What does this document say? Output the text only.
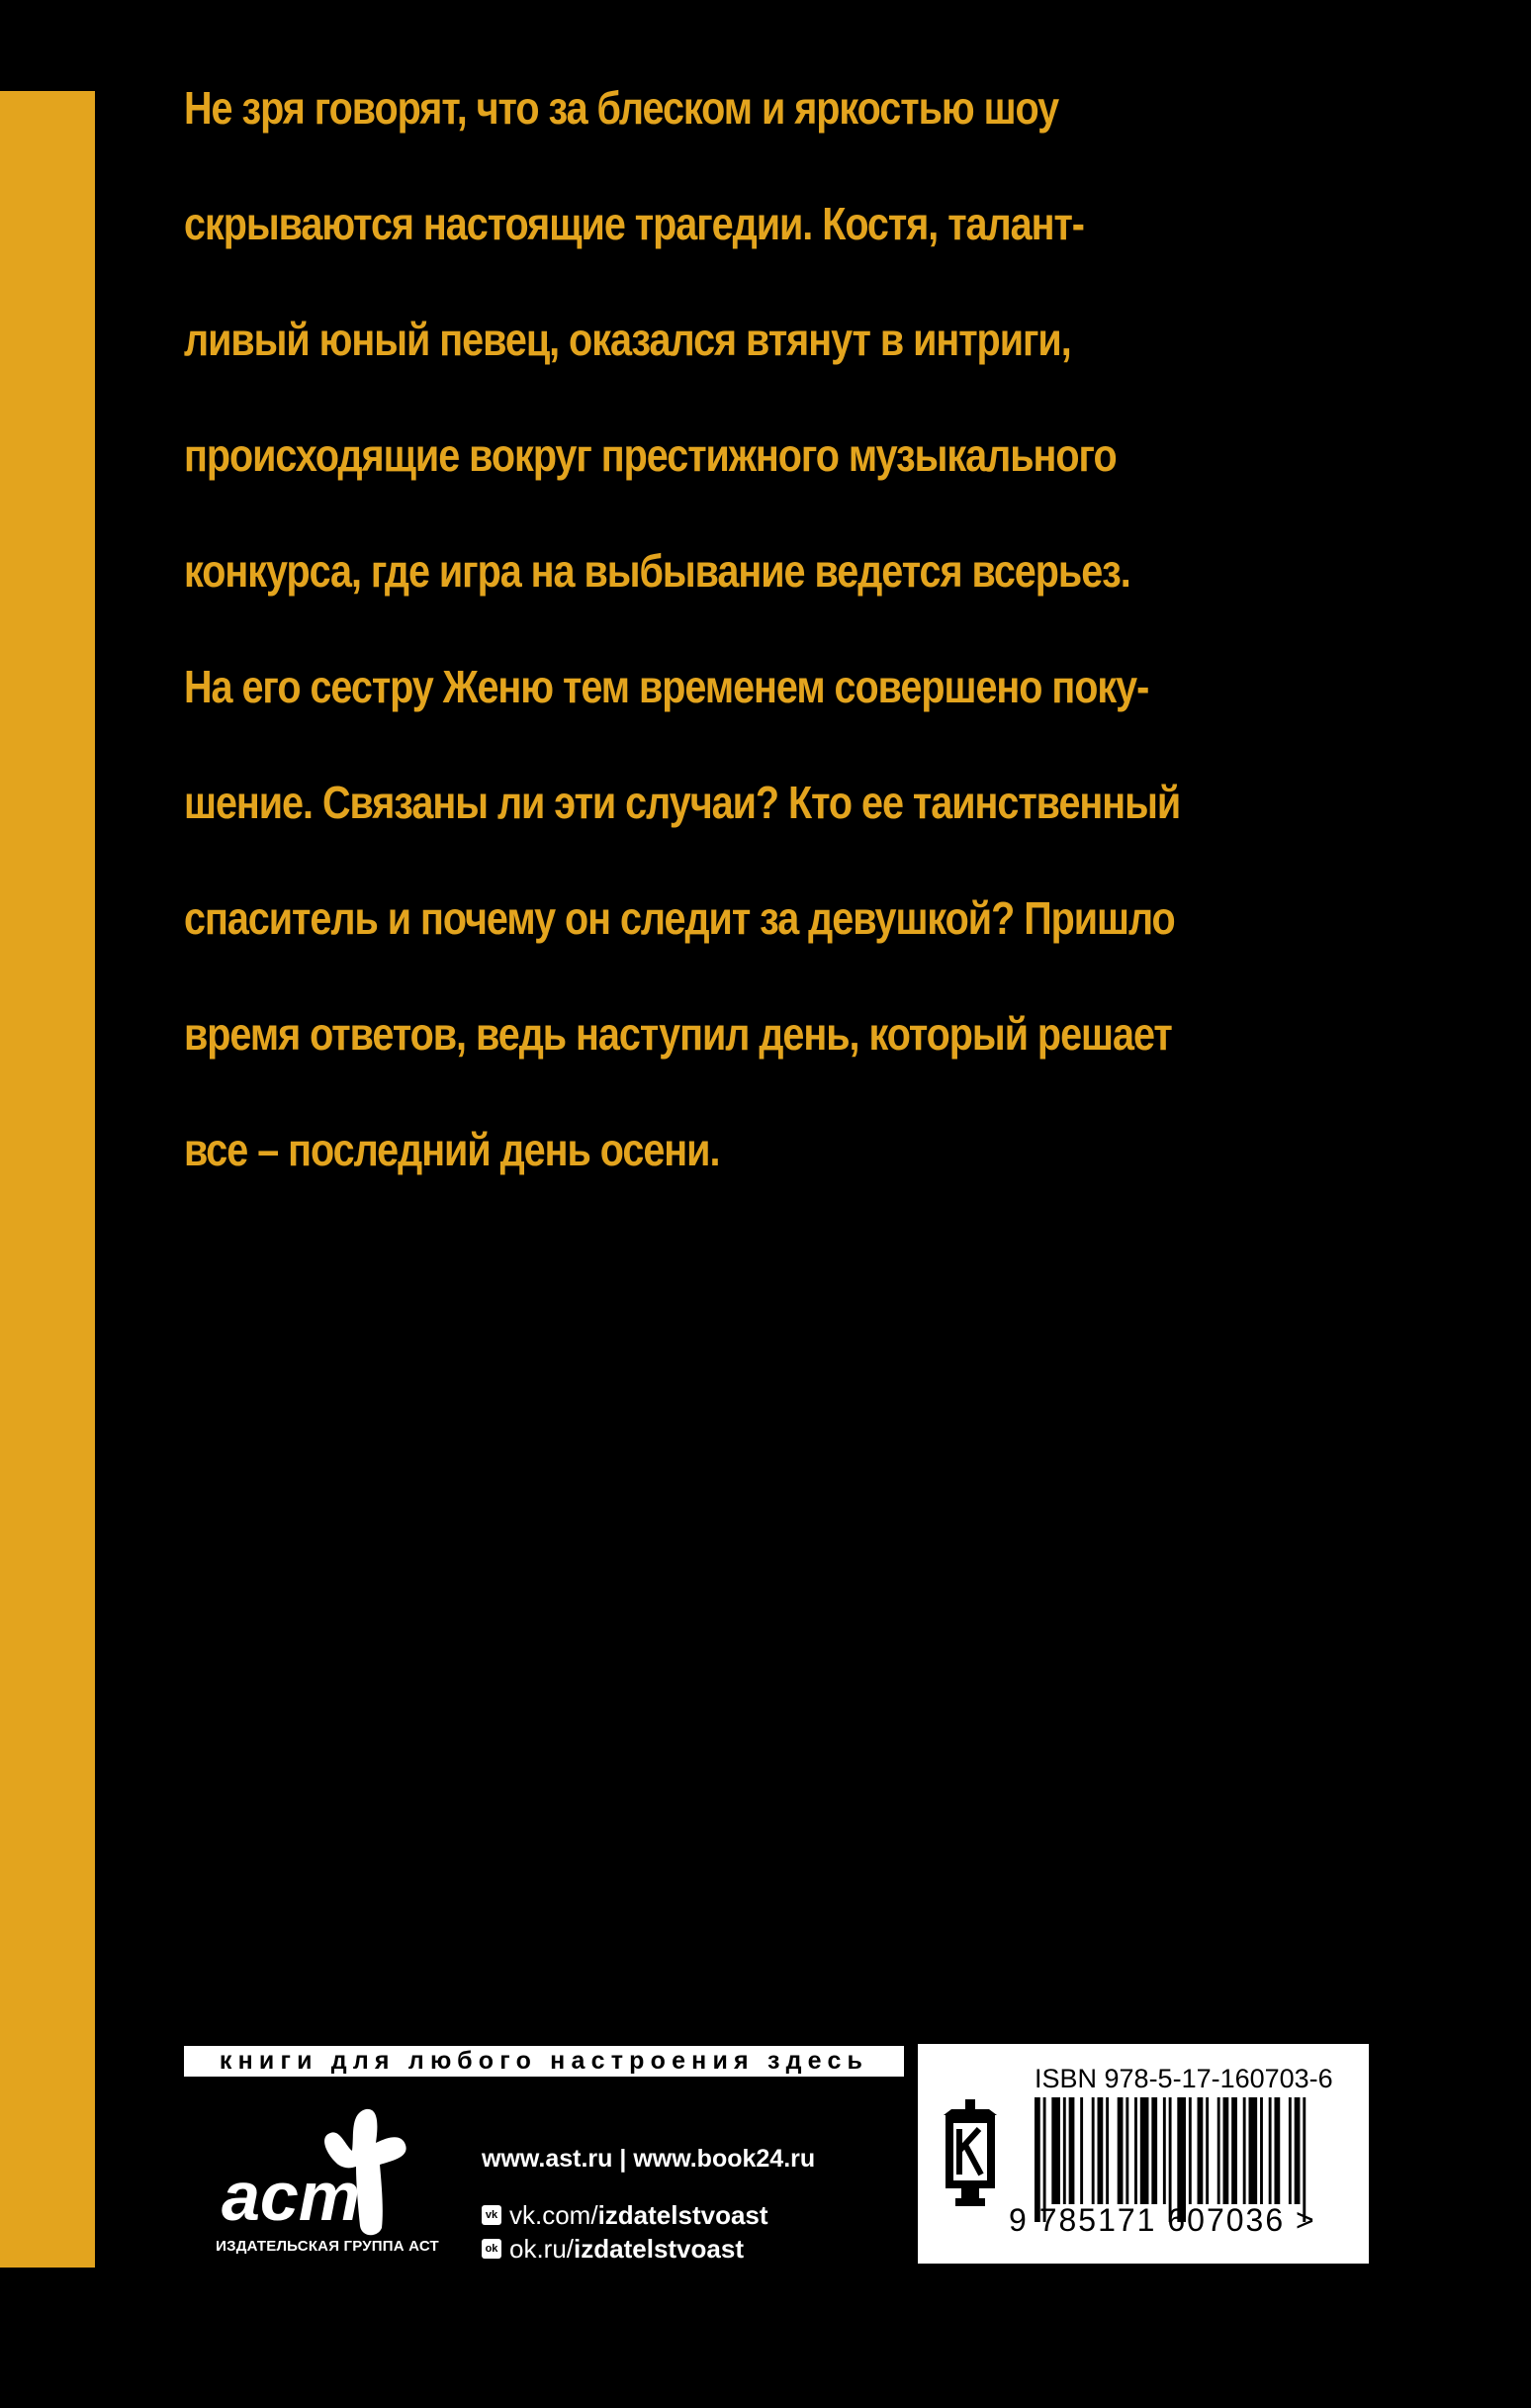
Не зря говорят, что за блеском и яркостью шоу
скрываются настоящие трагедии. Костя, талант-
ливый юный певец, оказался втянут в интриги,
происходящие вокруг престижного музыкального
конкурса, где игра на выбывание ведется всерьез.
На его сестру Женю тем временем совершено поку-
шение. Связаны ли эти случаи? Кто ее таинственный
спаситель и почему он следит за девушкой? Пришло
время ответов, ведь наступил день, который решает
все – последний день осени.
книги для любого настроения здесь
аст
ИЗДАТЕЛЬСКАЯ ГРУППА АСТ
www.ast.ru | www.book24.ru
vk vk.com/ izdatelstvoast
ok ok.ru/ izdatelstvoast
ISBN 978-5-17-160703-6
9 785171 607036 >
